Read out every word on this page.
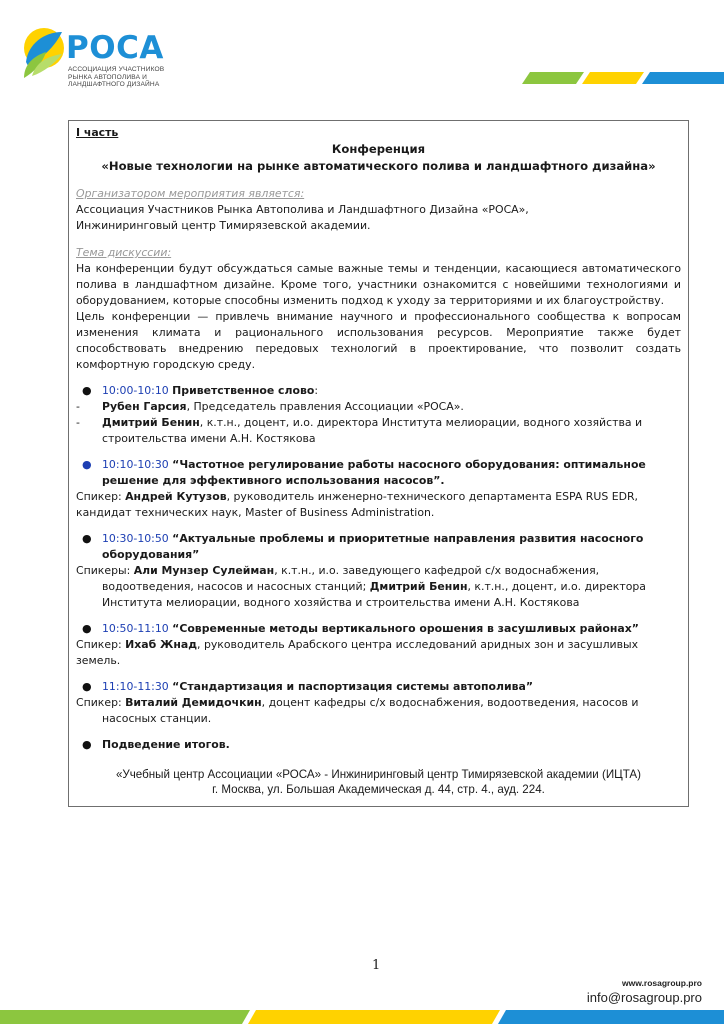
РОСА
АССОЦИАЦИЯ УЧАСТНИКОВ
РЫНКА АВТОПОЛИВА И
ЛАНДШАФТНОГО ДИЗАЙНА
I часть
Конференция
«Новые технологии на рынке автоматического полива и ландшафтного дизайна»
Организатором мероприятия является:
Ассоциация Участников Рынка Автополива и Ландшафтного Дизайна «РОСА»,
Инжиниринговый центр Тимирязевской академии.
Тема дискуссии:
На конференции будут обсуждаться самые важные темы и тенденции, касающиеся автоматического полива в ландшафтном дизайне. Кроме того, участники ознакомится с новейшими технологиями и оборудованием, которые способны изменить подход к уходу за территориями и их благоустройству.
Цель конференции — привлечь внимание научного и профессионального сообщества к вопросам изменения климата и рационального использования ресурсов. Мероприятие также будет способствовать внедрению передовых технологий в проектирование, что позволит создать комфортную городскую среду.
● 10:00-10:10 Приветственное слово:
- Рубен Гарсия, Председатель правления Ассоциации «РОСА».
- Дмитрий Бенин, к.т.н., доцент, и.о. директора Института мелиорации, водного хозяйства и строительства имени А.Н. Костякова
● 10:10-10:30 “Частотное регулирование работы насосного оборудования: оптимальное решение для эффективного использования насосов”.
Спикер: Андрей Кутузов, руководитель инженерно-технического департамента ESPA RUS EDR, кандидат технических наук, Master of Business Administration.
● 10:30-10:50 “Актуальные проблемы и приоритетные направления развития насосного оборудования”
Спикеры: Али Мунзер Сулейман, к.т.н., и.о. заведующего кафедрой с/х водоснабжения, водоотведения, насосов и насосных станций; Дмитрий Бенин, к.т.н., доцент, и.о. директора Института мелиорации, водного хозяйства и строительства имени А.Н. Костякова
● 10:50-11:10 “Современные методы вертикального орошения в засушливых районах”
Спикер: Ихаб Жнад, руководитель Арабского центра исследований аридных зон и засушливых земель.
● 11:10-11:30 “Стандартизация и паспортизация системы автополива”
Спикер: Виталий Демидочкин, доцент кафедры с/х водоснабжения, водоотведения, насосов и насосных станции.
● Подведение итогов.
«Учебный центр Ассоциации «РОСА» - Инжиниринговый центр Тимирязевской академии (ИЦТА)
г. Москва, ул. Большая Академическая д. 44, стр. 4., ауд. 224.
1
www.rosagroup.pro
info@rosagroup.pro
